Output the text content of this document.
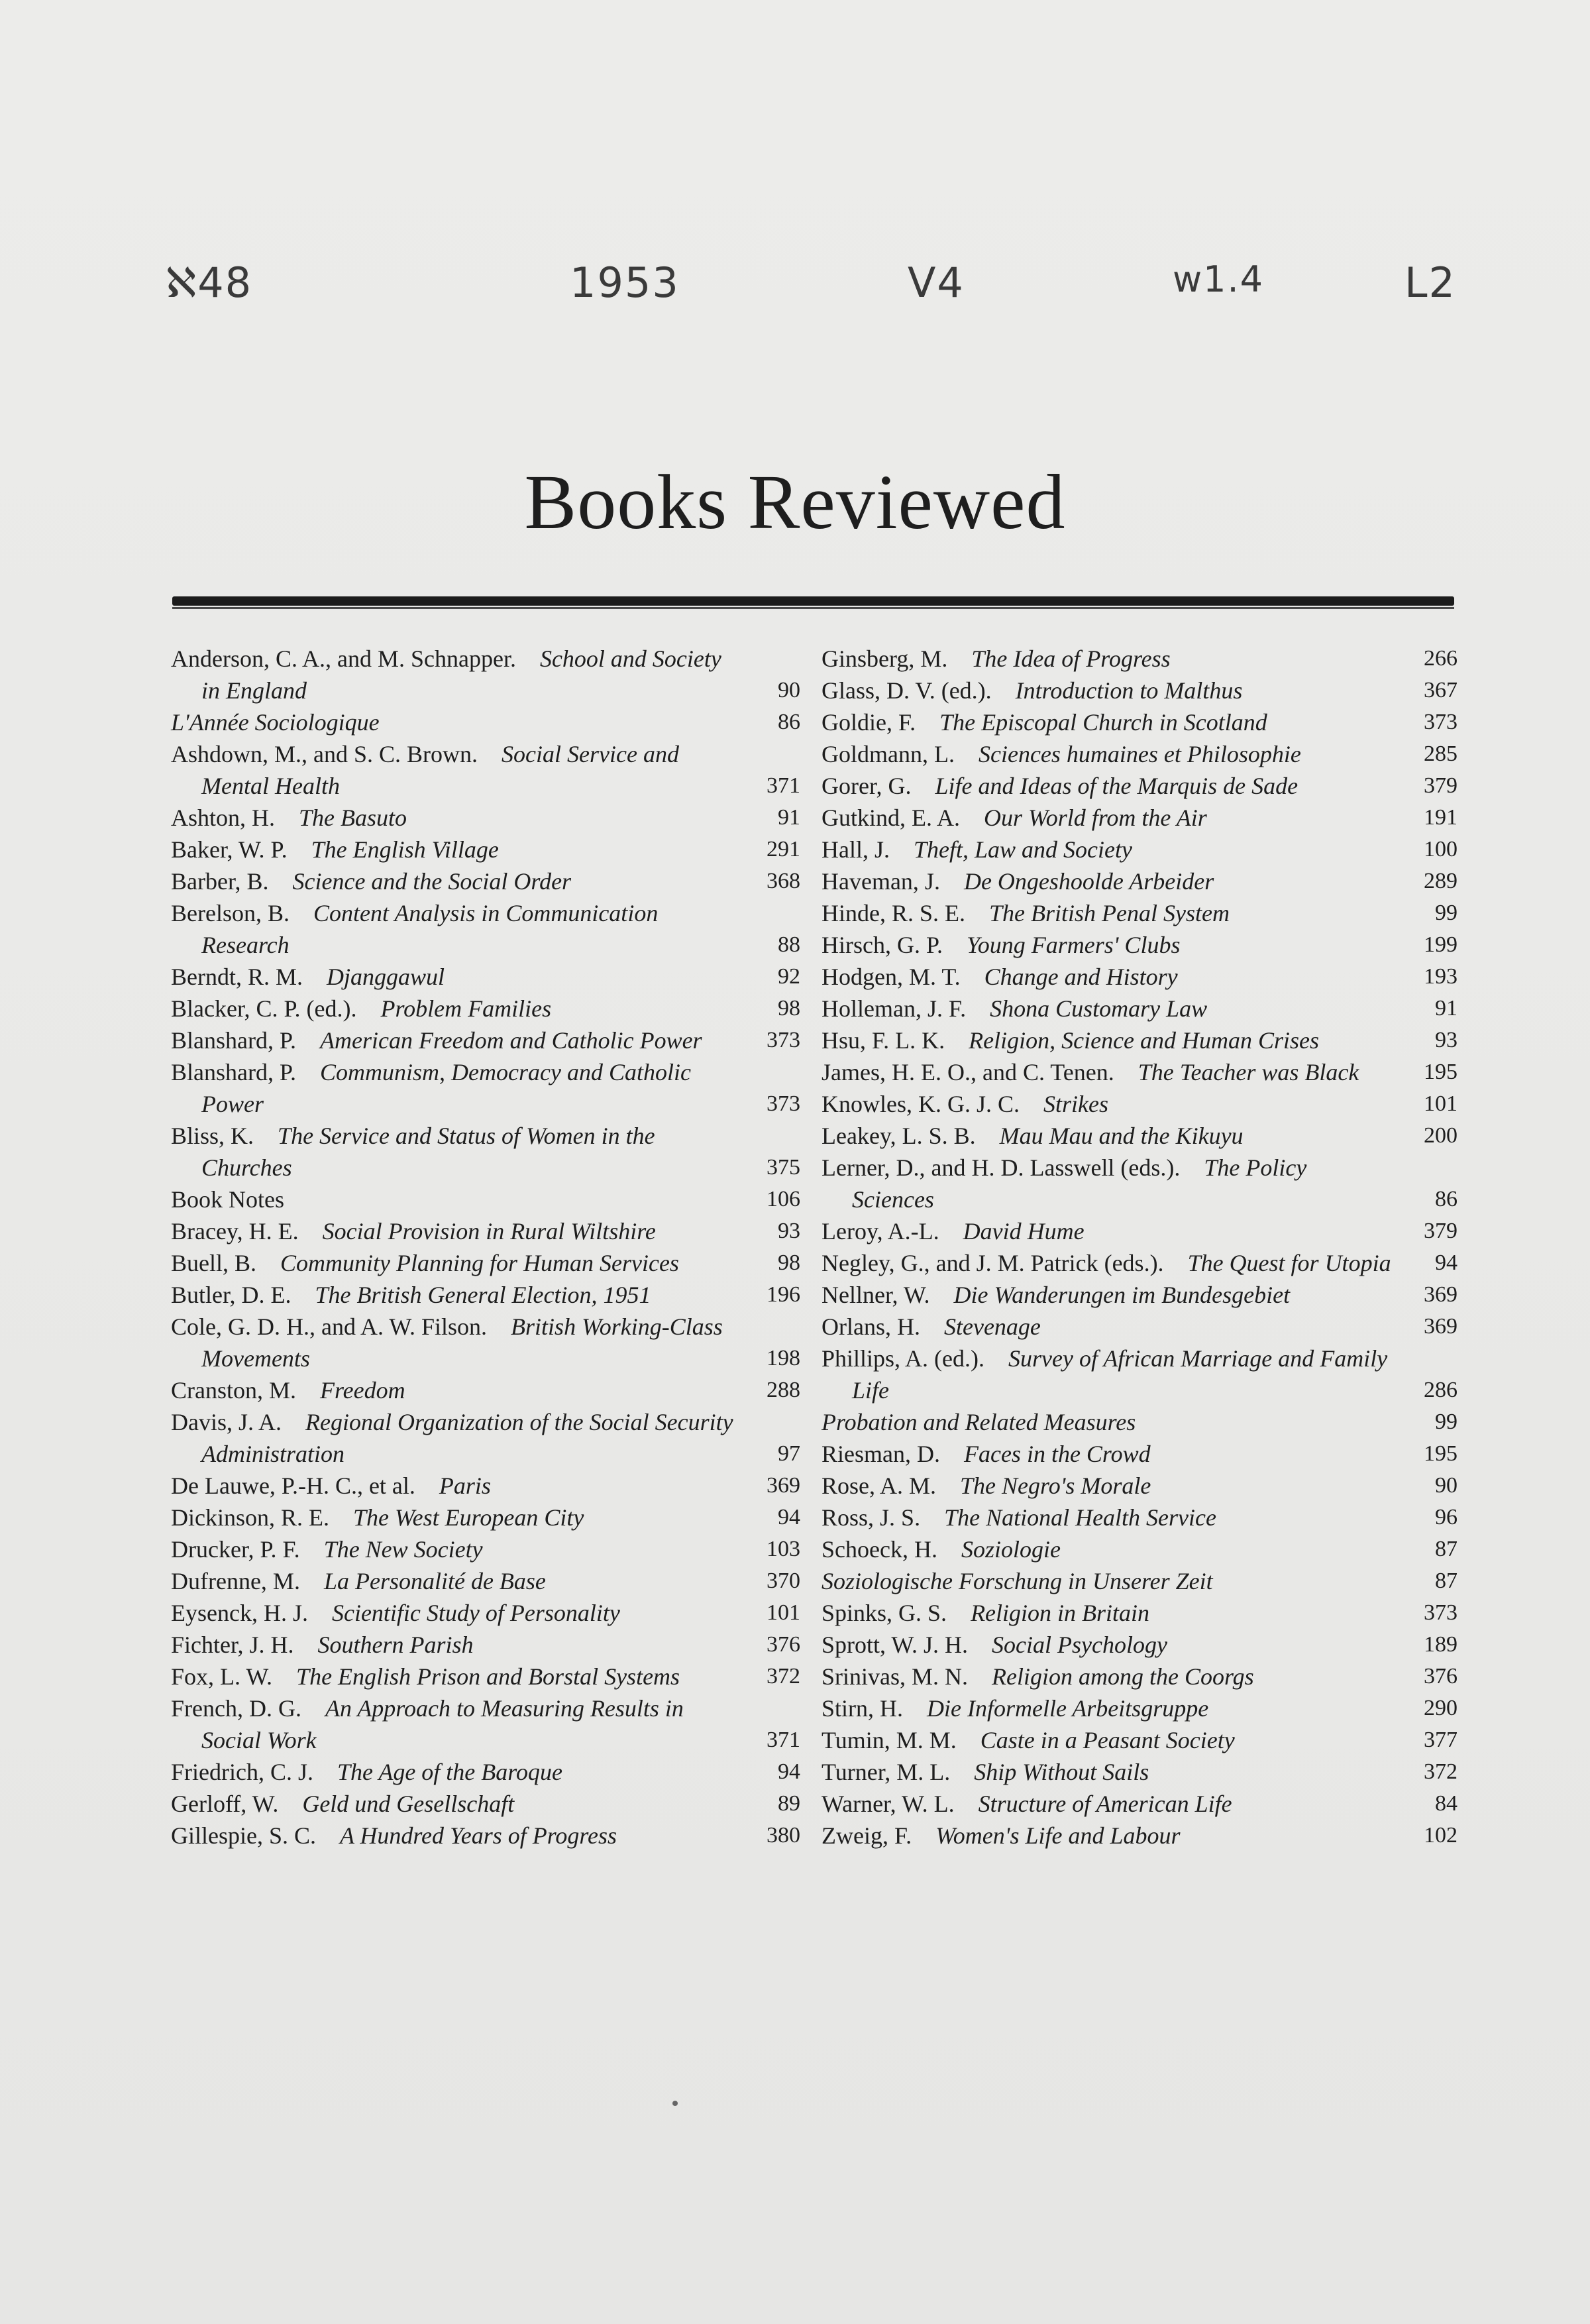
ℵ48	1953	V4	w1.4	L2
Books Reviewed
Anderson, C. A., and M. Schnapper.  School and Society in England	90
L'Année Sociologique	86
Ashdown, M., and S. C. Brown.  Social Service and Mental Health	371
Ashton, H.  The Basuto	91
Baker, W. P.  The English Village	291
Barber, B.  Science and the Social Order	368
Berelson, B.  Content Analysis in Communication Research	88
Berndt, R. M.  Djanggawul	92
Blacker, C. P. (ed.).  Problem Families	98
Blanshard, P.  American Freedom and Catholic Power	373
Blanshard, P.  Communism, Democracy and Catholic Power	373
Bliss, K.  The Service and Status of Women in the Churches	375
Book Notes	106
Bracey, H. E.  Social Provision in Rural Wiltshire	93
Buell, B.  Community Planning for Human Services	98
Butler, D. E.  The British General Election, 1951	196
Cole, G. D. H., and A. W. Filson.  British Working-Class Movements	198
Cranston, M.  Freedom	288
Davis, J. A.  Regional Organization of the Social Security Administration	97
De Lauwe, P.-H. C., et al.  Paris	369
Dickinson, R. E.  The West European City	94
Drucker, P. F.  The New Society	103
Dufrenne, M.  La Personalité de Base	370
Eysenck, H. J.  Scientific Study of Personality	101
Fichter, J. H.  Southern Parish	376
Fox, L. W.  The English Prison and Borstal Systems	372
French, D. G.  An Approach to Measuring Results in Social Work	371
Friedrich, C. J.  The Age of the Baroque	94
Gerloff, W.  Geld und Gesellschaft	89
Gillespie, S. C.  A Hundred Years of Progress	380
Ginsberg, M.  The Idea of Progress	266
Glass, D. V. (ed.).  Introduction to Malthus	367
Goldie, F.  The Episcopal Church in Scotland	373
Goldmann, L.  Sciences humaines et Philosophie	285
Gorer, G.  Life and Ideas of the Marquis de Sade	379
Gutkind, E. A.  Our World from the Air	191
Hall, J.  Theft, Law and Society	100
Haveman, J.  De Ongeshoolde Arbeider	289
Hinde, R. S. E.  The British Penal System	99
Hirsch, G. P.  Young Farmers' Clubs	199
Hodgen, M. T.  Change and History	193
Holleman, J. F.  Shona Customary Law	91
Hsu, F. L. K.  Religion, Science and Human Crises	93
James, H. E. O., and C. Tenen.  The Teacher was Black	195
Knowles, K. G. J. C.  Strikes	101
Leakey, L. S. B.  Mau Mau and the Kikuyu	200
Lerner, D., and H. D. Lasswell (eds.).  The Policy Sciences	86
Leroy, A.-L.  David Hume	379
Negley, G., and J. M. Patrick (eds.).  The Quest for Utopia	94
Nellner, W.  Die Wanderungen im Bundesgebiet	369
Orlans, H.  Stevenage	369
Phillips, A. (ed.).  Survey of African Marriage and Family Life	286
Probation and Related Measures	99
Riesman, D.  Faces in the Crowd	195
Rose, A. M.  The Negro's Morale	90
Ross, J. S.  The National Health Service	96
Schoeck, H.  Soziologie	87
Soziologische Forschung in Unserer Zeit	87
Spinks, G. S.  Religion in Britain	373
Sprott, W. J. H.  Social Psychology	189
Srinivas, M. N.  Religion among the Coorgs	376
Stirn, H.  Die Informelle Arbeitsgruppe	290
Tumin, M. M.  Caste in a Peasant Society	377
Turner, M. L.  Ship Without Sails	372
Warner, W. L.  Structure of American Life	84
Zweig, F.  Women's Life and Labour	102
